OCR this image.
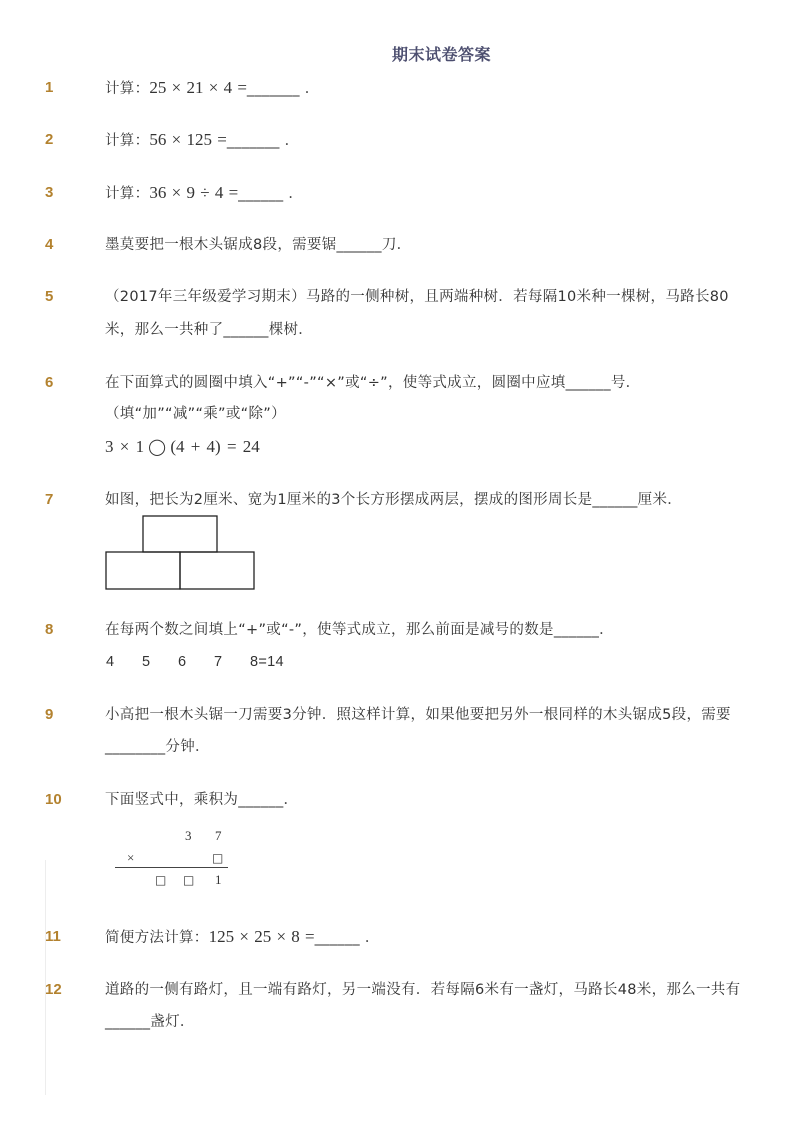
期末试卷答案
1	计算：25 × 21 × 4 =_______ ．
2	计算：56 × 125 =_______ ．
3	计算：36 × 9 ÷ 4 =______ ．
4	墨莫要把一根木头锯成8段，需要锯______刀．
5	（2017年三年级爱学习期末）马路的一侧种树，且两端种树．若每隔10米种一棵树，马路长80
米，那么一共种了______棵树．
6	在下面算式的圆圈中填入“+”“-”“×”或“÷”，使等式成立，圆圈中应填______号．
（填“加”“减”“乘”或“除”）
3 × 1 ◯ (4 + 4) = 24
7	如图，把长为2厘米、宽为1厘米的3个长方形摆成两层，摆成的图形周长是______厘米．
8	在每两个数之间填上“+”或“-”，使等式成立，那么前面是减号的数是______．
4 5 6 7 8=14
9	小高把一根木头锯一刀需要3分钟．照这样计算，如果他要把另外一根同样的木头锯成5段，需要
________分钟．
10	下面竖式中，乘积为______．
3 7
×	□
□ □ 1
11	简便方法计算：125 × 25 × 8 =______ ．
12	道路的一侧有路灯，且一端有路灯，另一端没有．若每隔6米有一盏灯，马路长48米，那么一共有
______盏灯．
